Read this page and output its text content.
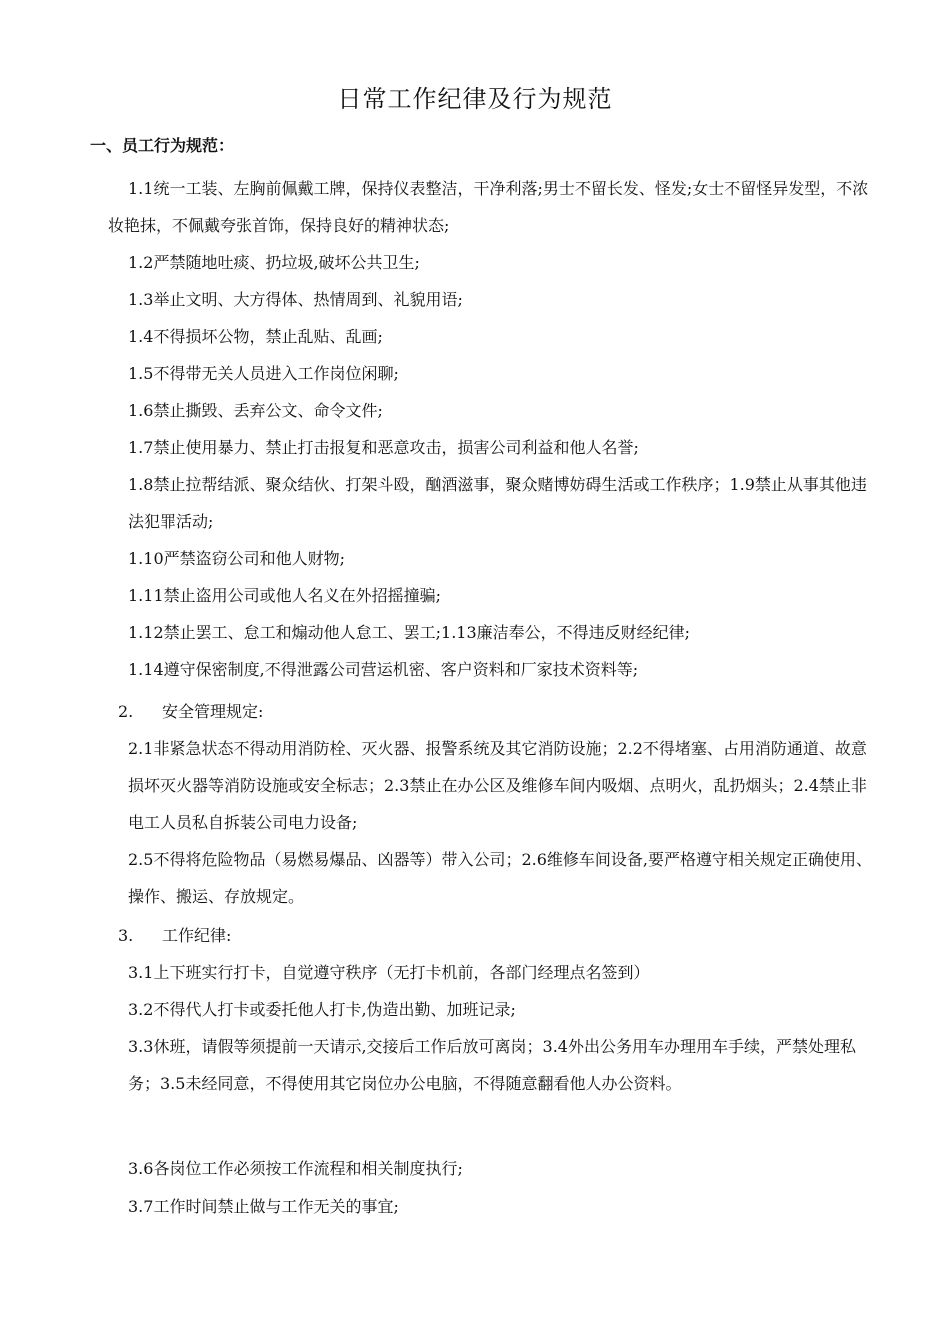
日常工作纪律及行为规范
一、员工行为规范：
1.1统一工装、左胸前佩戴工牌，保持仪表整洁，干净利落;男士不留长发、怪发;女士不留怪异发型，不浓妆艳抹，不佩戴夸张首饰，保持良好的精神状态;
1.2严禁随地吐痰、扔垃圾,破坏公共卫生;
1.3举止文明、大方得体、热情周到、礼貌用语;
1.4不得损坏公物，禁止乱贴、乱画;
1.5不得带无关人员进入工作岗位闲聊;
1.6禁止撕毁、丢弃公文、命令文件;
1.7禁止使用暴力、禁止打击报复和恶意攻击，损害公司利益和他人名誉;
1.8禁止拉帮结派、聚众结伙、打架斗殴，酗酒滋事，聚众赌博妨碍生活或工作秩序；1.9禁止从事其他违法犯罪活动;
1.10严禁盗窃公司和他人财物;
1.11禁止盗用公司或他人名义在外招摇撞骗;
1.12禁止罢工、怠工和煽动他人怠工、罢工;1.13廉洁奉公，不得违反财经纪律;
1.14遵守保密制度,不得泄露公司营运机密、客户资料和厂家技术资料等;
2. 安全管理规定:
2.1非紧急状态不得动用消防栓、灭火器、报警系统及其它消防设施；2.2不得堵塞、占用消防通道、故意损坏灭火器等消防设施或安全标志；2.3禁止在办公区及维修车间内吸烟、点明火，乱扔烟头；2.4禁止非电工人员私自拆装公司电力设备;
2.5不得将危险物品（易燃易爆品、凶器等）带入公司；2.6维修车间设备,要严格遵守相关规定正确使用、操作、搬运、存放规定。
3. 工作纪律:
3.1上下班实行打卡，自觉遵守秩序（无打卡机前，各部门经理点名签到）
3.2不得代人打卡或委托他人打卡,伪造出勤、加班记录;
3.3休班，请假等须提前一天请示,交接后工作后放可离岗；3.4外出公务用车办理用车手续，严禁处理私务；3.5未经同意，不得使用其它岗位办公电脑，不得随意翻看他人办公资料。
3.6各岗位工作必须按工作流程和相关制度执行;
3.7工作时间禁止做与工作无关的事宜;
